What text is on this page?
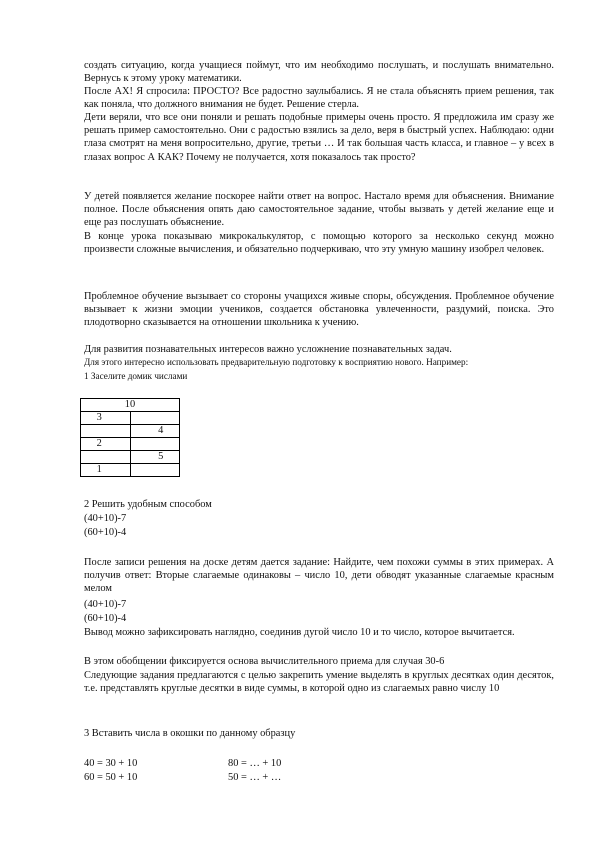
создать ситуацию, когда учащиеся поймут, что им необходимо послушать, и послушать внимательно. Вернусь к этому уроку математики.

После АХ! Я спросила: ПРОСТО? Все радостно заулыбались. Я не стала объяснять прием решения, так как поняла, что должного внимания не будет. Решение стерла.

Дети веряли, что все они поняли и решать подобные примеры очень просто. Я предложила им сразу же решать пример самостоятельно. Они с радостью взялись за дело, веря в быстрый успех. Наблюдаю: одни глаза смотрят на меня вопросительно, другие, третьи … И так большая часть класса, и главное – у всех в глазах вопрос А КАК? Почему не получается, хотя показалось так просто?

У детей появляется желание поскорее найти ответ на вопрос. Настало время для объяснения. Внимание полное. После объяснения опять даю самостоятельное задание, чтобы вызвать у детей желание еще и еще раз послушать объяснение.

В конце урока показываю микрокалькулятор, с помощью которого за несколько секунд можно произвести сложные вычисления, и обязательно подчеркиваю, что эту умную машину изобрел человек.

Проблемное обучение вызывает со стороны учащихся живые споры, обсуждения. Проблемное обучение вызывает к жизни эмоции учеников, создается обстановка увлеченности, раздумий, поиска. Это плодотворно сказывается на отношении школьника к учению.

Для развития познавательных интересов важно усложнение познавательных задач.

Для этого интересно использовать предварительную подготовку к восприятию нового. Например:

1 Заселите домик числами

10	
3	
	4
2	
	5
1	

2 Решить удобным способом

(40+10)-7

(60+10)-4

После записи решения на доске детям дается задание: Найдите, чем похожи суммы в этих примерах. А получив ответ: Вторые слагаемые одинаковы – число 10, дети обводят указанные слагаемые красным мелом

(40+10)-7

(60+10)-4

Вывод можно зафиксировать наглядно, соединив дугой число 10 и то число, которое вычитается.

В этом обобщении фиксируется основа вычислительного приема для случая 30-6

Следующие задания предлагаются с целью закрепить умение выделять в круглых десятках один десяток, т.е. представлять круглые десятки в виде суммы, в которой одно из слагаемых равно числу 10

3 Вставить числа в окошки по данному образцу

40 = 30 + 10	80 = … + 10

60 = 50 + 10	50 = … + …
